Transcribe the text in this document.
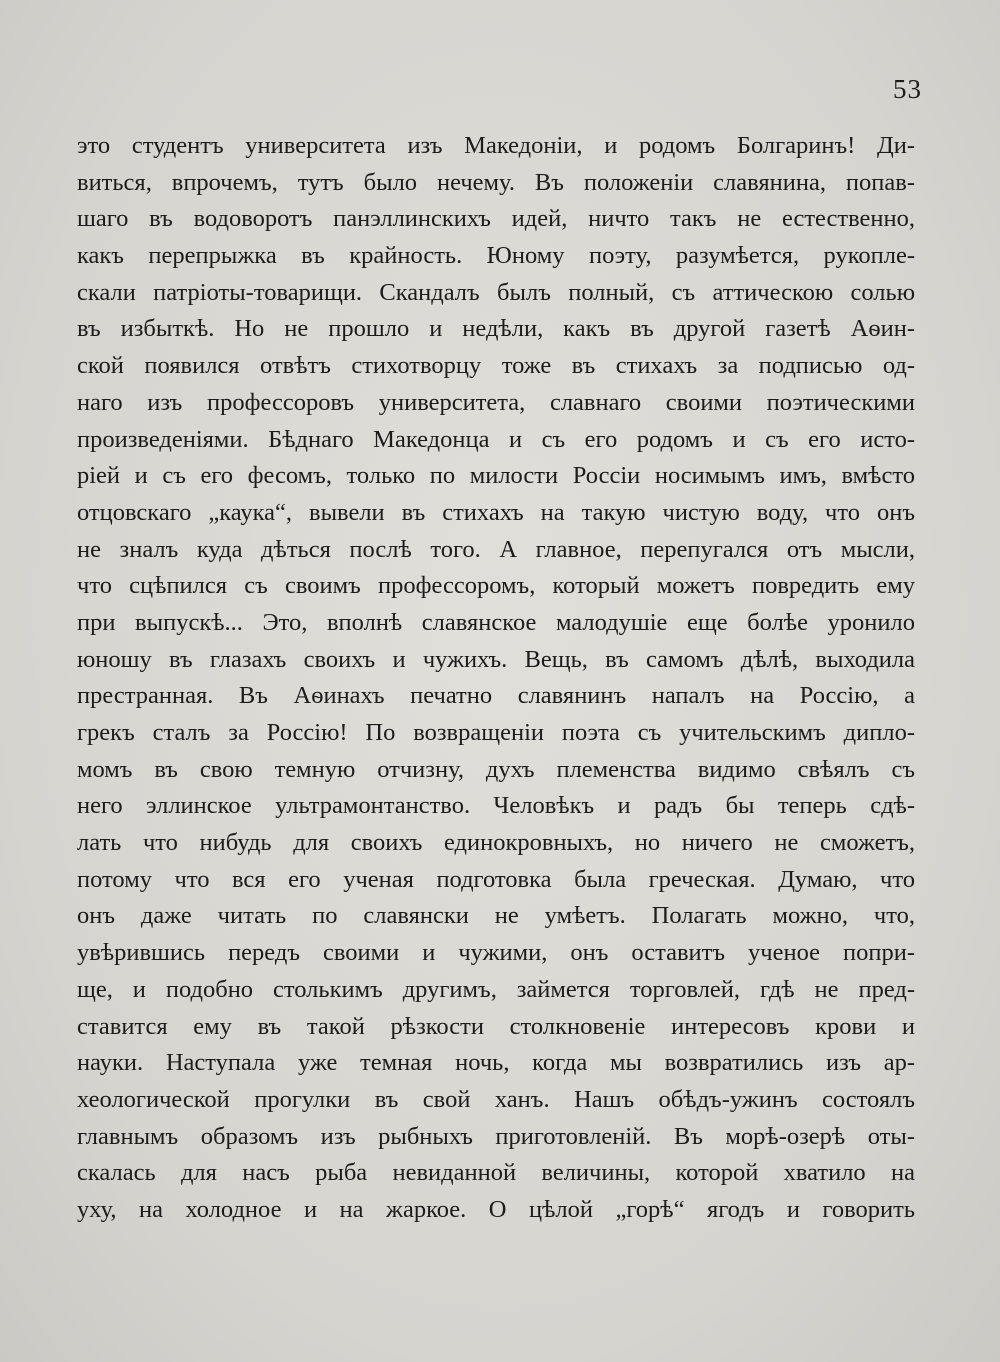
53
это студентъ университета изъ Македоніи, и родомъ Болгаринъ! Ди-
виться, впрочемъ, тутъ было нечему. Въ положеніи славянина, попав-
шаго въ водоворотъ панэллинскихъ идей, ничто такъ не естественно,
какъ перепрыжка въ крайность. Юному поэту, разумѣется, рукопле-
скали патріоты-товарищи. Скандалъ былъ полный, съ аттическою солью
въ избыткѣ. Но не прошло и недѣли, какъ въ другой газетѣ Аѳин-
ской появился отвѣтъ стихотворцу тоже въ стихахъ за подписью од-
наго изъ профессоровъ университета, славнаго своими поэтическими
произведеніями. Бѣднаго Македонца и съ его родомъ и съ его исто-
ріей и съ его фесомъ, только по милости Россіи носимымъ имъ, вмѣсто
отцовскаго „каука“, вывели въ стихахъ на такую чистую воду, что онъ
не зналъ куда дѣться послѣ того. А главное, перепугался отъ мысли,
что сцѣпился съ своимъ профессоромъ, который можетъ повредить ему
при выпускѣ... Это, вполнѣ славянское малодушіе еще болѣе уронило
юношу въ глазахъ своихъ и чужихъ. Вещь, въ самомъ дѣлѣ, выходила
престранная. Въ Аѳинахъ печатно славянинъ напалъ на Россію, а
грекъ сталъ за Россію! По возвращеніи поэта съ учительскимъ дипло-
момъ въ свою темную отчизну, духъ племенства видимо свѣялъ съ
него эллинское ультрамонтанство. Человѣкъ и радъ бы теперь сдѣ-
лать что нибудь для своихъ единокровныхъ, но ничего не сможетъ,
потому что вся его ученая подготовка была греческая. Думаю, что
онъ даже читать по славянски не умѣетъ. Полагать можно, что,
увѣрившись передъ своими и чужими, онъ оставитъ ученое попри-
ще, и подобно столькимъ другимъ, займется торговлей, гдѣ не пред-
ставится ему въ такой рѣзкости столкновеніе интересовъ крови и
науки. Наступала уже темная ночь, когда мы возвратились изъ ар-
хеологической прогулки въ свой ханъ. Нашъ обѣдъ-ужинъ состоялъ
главнымъ образомъ изъ рыбныхъ приготовленій. Въ морѣ-озерѣ оты-
скалась для насъ рыба невиданной величины, которой хватило на
уху, на холодное и на жаркое. О цѣлой „горѣ“ ягодъ и говорить
